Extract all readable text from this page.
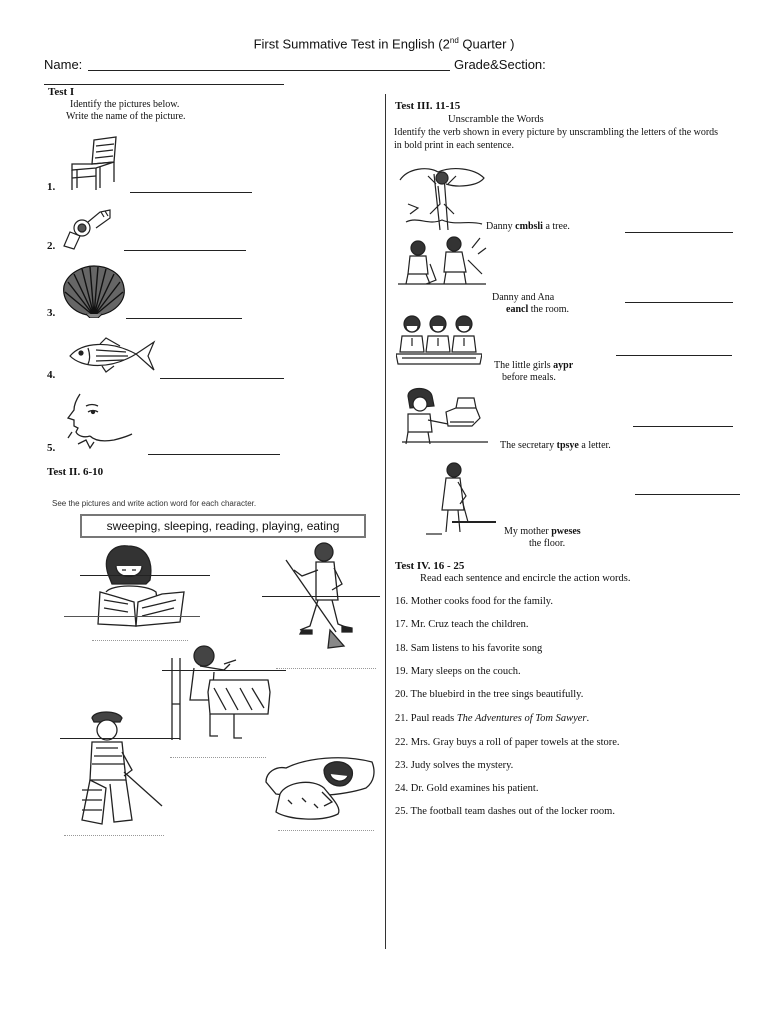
First Summative Test in English (2nd Quarter )
Name:	Grade&Section:
Test I
Identify the pictures below.
Write the name of the picture.
1.
2.
3.
4.
5.
Test II. 6-10
See the pictures and write action word for each character.
sweeping, sleeping, reading, playing, eating
Test III. 11-15
Unscramble the Words
Identify the verb shown in every picture by unscrambling the letters of the words in bold print in each sentence.
Danny cmbsli a tree.
Danny and Ana
eancl the room.
The little girls aypr
before meals.
The secretary tpsye a letter.
My mother pweses
the floor.
Test IV. 16 - 25
Read each sentence and encircle the action words.
16. Mother cooks food for the family.
17. Mr. Cruz teach the children.
18. Sam listens to his favorite song
19. Mary sleeps on the couch.
20. The bluebird in the tree sings beautifully.
21. Paul reads The Adventures of Tom Sawyer.
22. Mrs. Gray buys a roll of paper towels at the store.
23. Judy solves the mystery.
24. Dr. Gold examines his patient.
25. The football team dashes out of the locker room.
